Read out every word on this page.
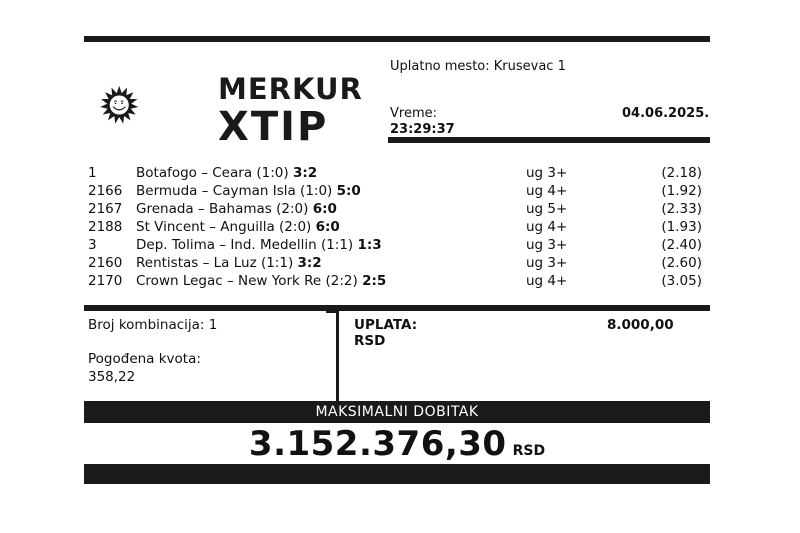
MERKUR
XTIP
Uplatno mesto: Krusevac 1
Vreme:
23:29:37
04.06.2025.
1	Botafogo – Ceara (1:0) 3:2	ug 3+	(2.18)
2166 Bermuda – Cayman Isla (1:0) 5:0	ug 4+	(1.92)
2167 Grenada – Bahamas (2:0) 6:0	ug 5+	(2.33)
2188 St Vincent – Anguilla (2:0) 6:0	ug 4+	(1.93)
3	Dep. Tolima – Ind. Medellin (1:1) 1:3	ug 3+	(2.40)
2160 Rentistas – La Luz (1:1) 3:2	ug 3+	(2.60)
2170 Crown Legac – New York Re (2:2) 2:5	ug 4+	(3.05)
Broj kombinacija: 1
Pogođena kvota:
358,22
UPLATA:
RSD
8.000,00
MAKSIMALNI DOBITAK
3.152.376,30 RSD
